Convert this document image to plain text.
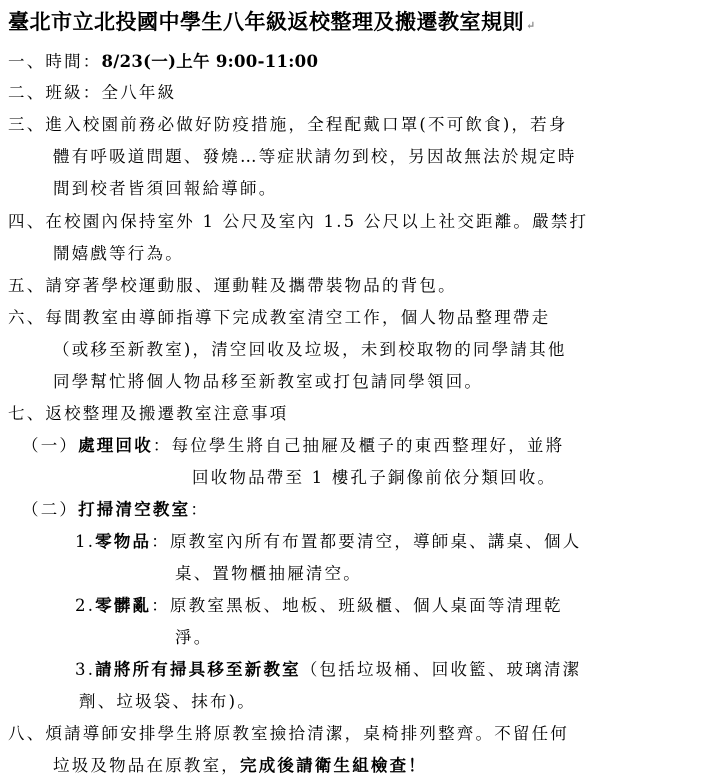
臺北市立北投國中學生八年級返校整理及搬遷教室規則 ↵
一、時間：8/23(一)上午 9:00-11:00
二、班級：全八年級
三、進入校園前務必做好防疫措施，全程配戴口罩(不可飲食)，若身
體有呼吸道問題、發燒…等症狀請勿到校，另因故無法於規定時
間到校者皆須回報給導師。
四、在校園內保持室外 1 公尺及室內 1.5 公尺以上社交距離。嚴禁打
鬧嬉戲等行為。
五、請穿著學校運動服、運動鞋及攜帶裝物品的背包。
六、每間教室由導師指導下完成教室清空工作，個人物品整理帶走
（或移至新教室)，清空回收及垃圾，未到校取物的同學請其他
同學幫忙將個人物品移至新教室或打包請同學領回。
七、返校整理及搬遷教室注意事項
（一）處理回收：每位學生將自己抽屜及櫃子的東西整理好，並將
回收物品帶至 1 樓孔子銅像前依分類回收。
（二）打掃清空教室：
1.零物品：原教室內所有布置都要清空，導師桌、講桌、個人
桌、置物櫃抽屜清空。
2.零髒亂：原教室黑板、地板、班級櫃、個人桌面等清理乾
淨。
3.請將所有掃具移至新教室（包括垃圾桶、回收籃、玻璃清潔
劑、垃圾袋、抹布)。
八、煩請導師安排學生將原教室撿拾清潔，桌椅排列整齊。不留任何
垃圾及物品在原教室，完成後請衛生組檢查！
